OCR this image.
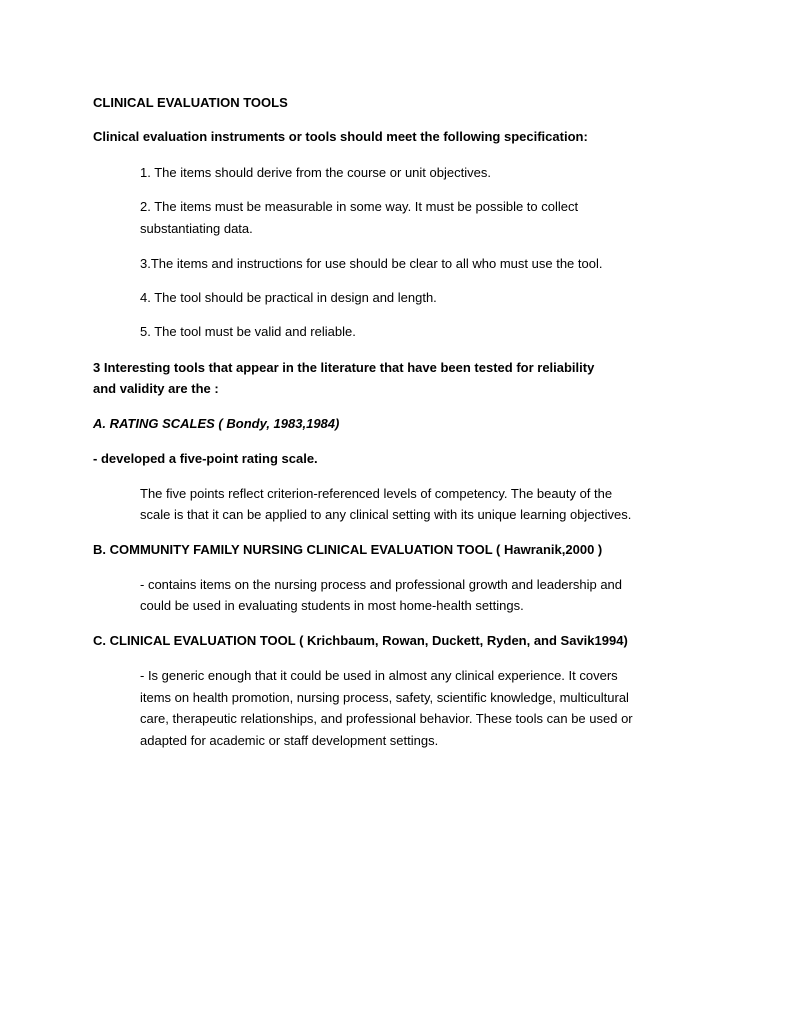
CLINICAL EVALUATION TOOLS
Clinical evaluation instruments or tools should meet the following specification:
1. The items should derive from the course or unit objectives.
2. The items must be measurable in some way. It must be possible to collect
substantiating data.
3.The items and instructions for use should be clear to all who must use the tool.
4. The tool should be practical in design and length.
5. The tool must be valid and reliable.
3 Interesting tools that appear in the literature that have been tested for reliability
and validity are the :
A. RATING SCALES ( Bondy, 1983,1984)
- developed a five-point rating scale.
The five points reflect criterion-referenced levels of competency. The beauty of the
scale is that it can be applied to any clinical setting with its unique learning objectives.
B. COMMUNITY FAMILY NURSING CLINICAL EVALUATION TOOL ( Hawranik,2000 )
- contains items on the nursing process and professional growth and leadership and
could be used in evaluating students in most home-health settings.
C. CLINICAL EVALUATION TOOL ( Krichbaum, Rowan, Duckett, Ryden, and Savik1994)
- Is generic enough that it could be used in almost any clinical experience. It covers
items on health promotion, nursing process, safety, scientific knowledge, multicultural
care, therapeutic relationships, and professional behavior. These tools can be used or
adapted for academic or staff development settings.
